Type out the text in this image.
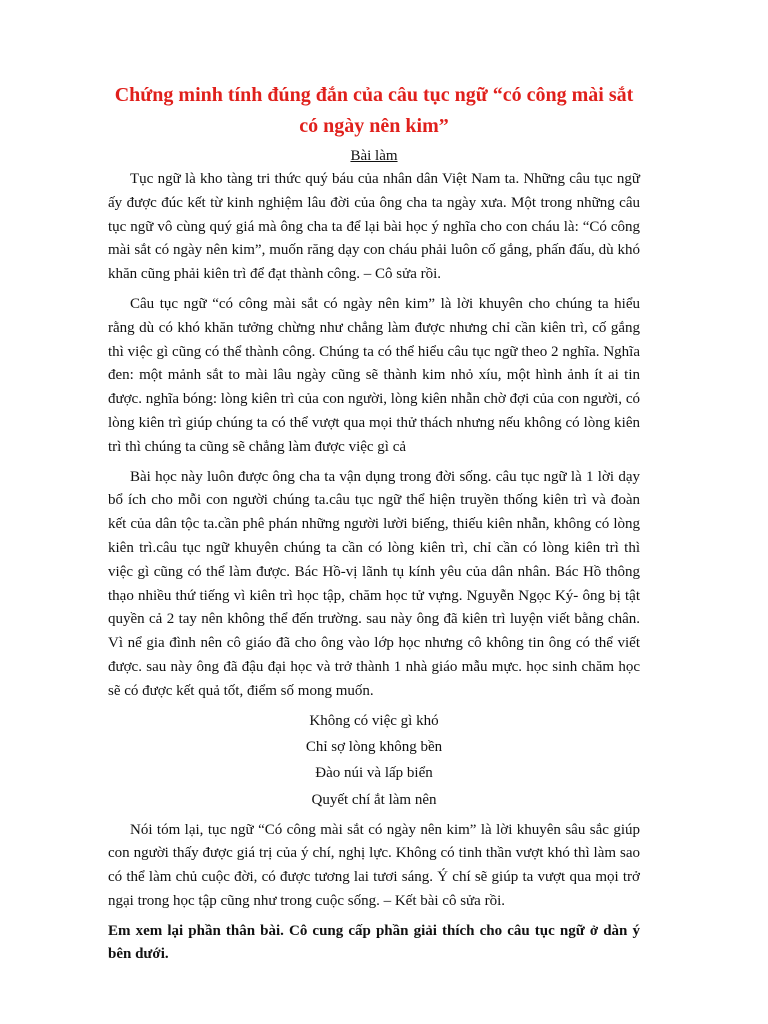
Chứng minh tính đúng đắn của câu tục ngữ “có công mài sắt có ngày nên kim”
Bài làm

Tục ngữ là kho tàng tri thức quý báu của nhân dân Việt Nam ta. Những câu tục ngữ ấy được đúc kết từ kinh nghiệm lâu đời của ông cha ta ngày xưa. Một trong những câu tục ngữ vô cùng quý giá mà ông cha ta để lại bài học ý nghĩa cho con cháu là: “Có công mài sắt có ngày nên kim”, muốn răng dạy con cháu phải luôn cố gắng, phấn đấu, dù khó khăn cũng phải kiên trì để đạt thành công. – Cô sửa rồi.

Câu tục ngữ “có công mài sắt có ngày nên kim” là lời khuyên cho chúng ta hiểu rằng dù có khó khăn tưởng chừng như chẳng làm được nhưng chỉ cần kiên trì, cố gắng thì việc gì cũng có thể thành công. Chúng ta có thể hiểu câu tục ngữ theo 2 nghĩa. Nghĩa đen: một mảnh sắt to mài lâu ngày cũng sẽ thành kim nhỏ xíu, một hình ảnh ít ai tin được. nghĩa bóng: lòng kiên trì của con người, lòng kiên nhẫn chờ đợi của con người, có lòng kiên trì giúp chúng ta có thể vượt qua mọi thử thách nhưng nếu không có lòng kiên trì thì chúng ta cũng sẽ chẳng làm được việc gì cả

Bài học này luôn được ông cha ta vận dụng trong đời sống. câu tục ngữ là 1 lời dạy bổ ích cho mỗi con người chúng ta.câu tục ngữ thể hiện truyền thống kiên trì và đoàn kết của dân tộc ta.cần phê phán những người lười biếng, thiếu kiên nhẫn, không có lòng kiên trì.câu tục ngữ khuyên chúng ta cần có lòng kiên trì, chỉ cần có lòng kiên trì thì việc gì cũng có thể làm được. Bác Hồ-vị lãnh tụ kính yêu của dân nhân. Bác Hồ thông thạo nhiều thứ tiếng vì kiên trì học tập, chăm học tử vựng. Nguyễn Ngọc Ký- ông bị tật quyền cả 2 tay nên không thể đến trường. sau này ông đã kiên trì luyện viết bằng chân. Vì nể gia đình nên cô giáo đã cho ông vào lớp học nhưng cô không tin ông có thể viết được. sau này ông đã đậu đại học và trở thành 1 nhà giáo mẫu mực. học sinh chăm học sẽ có được kết quả tốt, điểm số mong muốn.

Không có việc gì khó
Chỉ sợ lòng không bền
Đào núi và lấp biển
Quyết chí ắt làm nên

Nói tóm lại, tục ngữ “Có công mài sắt có ngày nên kim” là lời khuyên sâu sắc giúp con người thấy được giá trị của ý chí, nghị lực. Không có tinh thần vượt khó thì làm sao có thể làm chủ cuộc đời, có được tương lai tươi sáng. Ý chí sẽ giúp ta vượt qua mọi trở ngại trong học tập cũng như trong cuộc sống. – Kết bài cô sửa rồi.

Em xem lại phần thân bài. Cô cung cấp phần giải thích cho câu tục ngữ ở dàn ý bên dưới.
